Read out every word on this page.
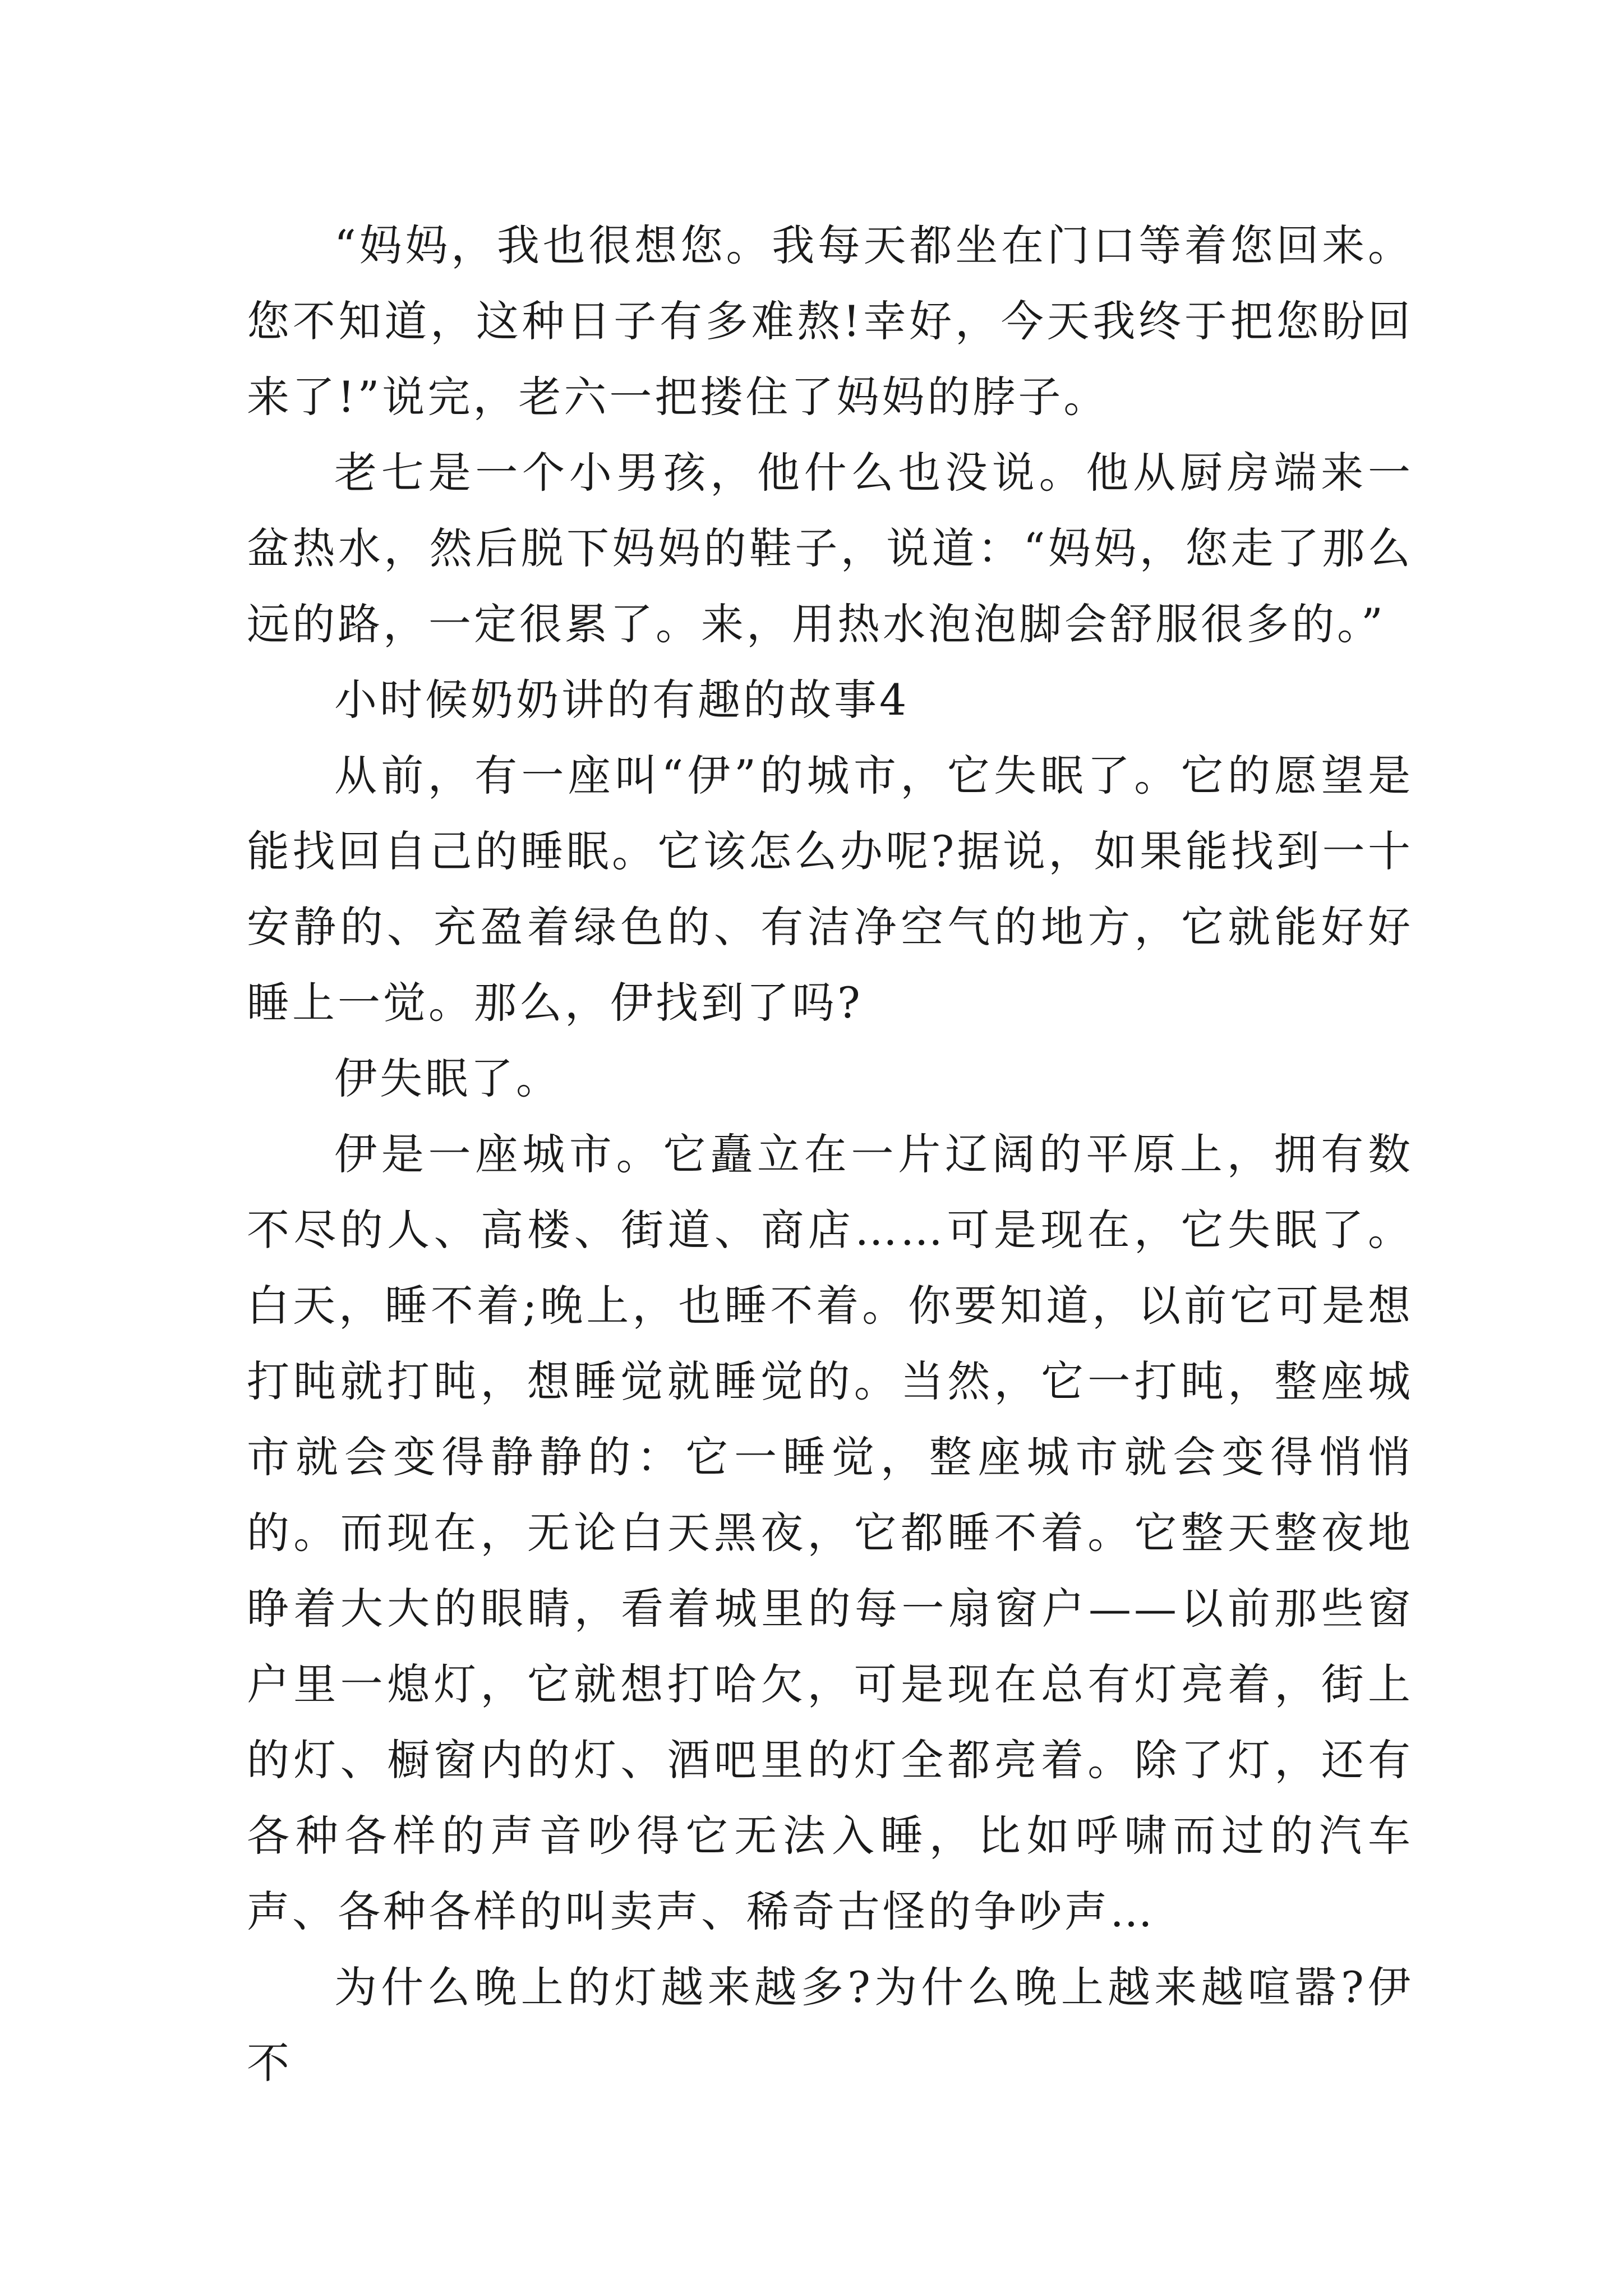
“妈妈，我也很想您。我每天都坐在门口等着您回来。您不知道，这种日子有多难熬!幸好，今天我终于把您盼回来了!”说完，老六一把搂住了妈妈的脖子。

老七是一个小男孩，他什么也没说。他从厨房端来一盆热水，然后脱下妈妈的鞋子，说道：“妈妈，您走了那么远的路，一定很累了。来，用热水泡泡脚会舒服很多的。”

小时候奶奶讲的有趣的故事4

从前，有一座叫“伊”的城市，它失眠了。它的愿望是能找回自己的睡眠。它该怎么办呢?据说，如果能找到一十安静的、充盈着绿色的、有洁净空气的地方，它就能好好睡上一觉。那么，伊找到了吗?

伊失眠了。

伊是一座城市。它矗立在一片辽阔的平原上，拥有数不尽的人、高楼、街道、商店……可是现在，它失眠了。白天，睡不着;晚上，也睡不着。你要知道，以前它可是想打盹就打盹，想睡觉就睡觉的。当然，它一打盹，整座城市就会变得静静的：它一睡觉，整座城市就会变得悄悄的。而现在，无论白天黑夜，它都睡不着。它整天整夜地睁着大大的眼睛，看着城里的每一扇窗户——以前那些窗户里一熄灯，它就想打哈欠，可是现在总有灯亮着，街上的灯、橱窗内的灯、酒吧里的灯全都亮着。除了灯，还有各种各样的声音吵得它无法入睡，比如呼啸而过的汽车声、各种各样的叫卖声、稀奇古怪的争吵声…

为什么晚上的灯越来越多?为什么晚上越来越喧嚣?伊不
